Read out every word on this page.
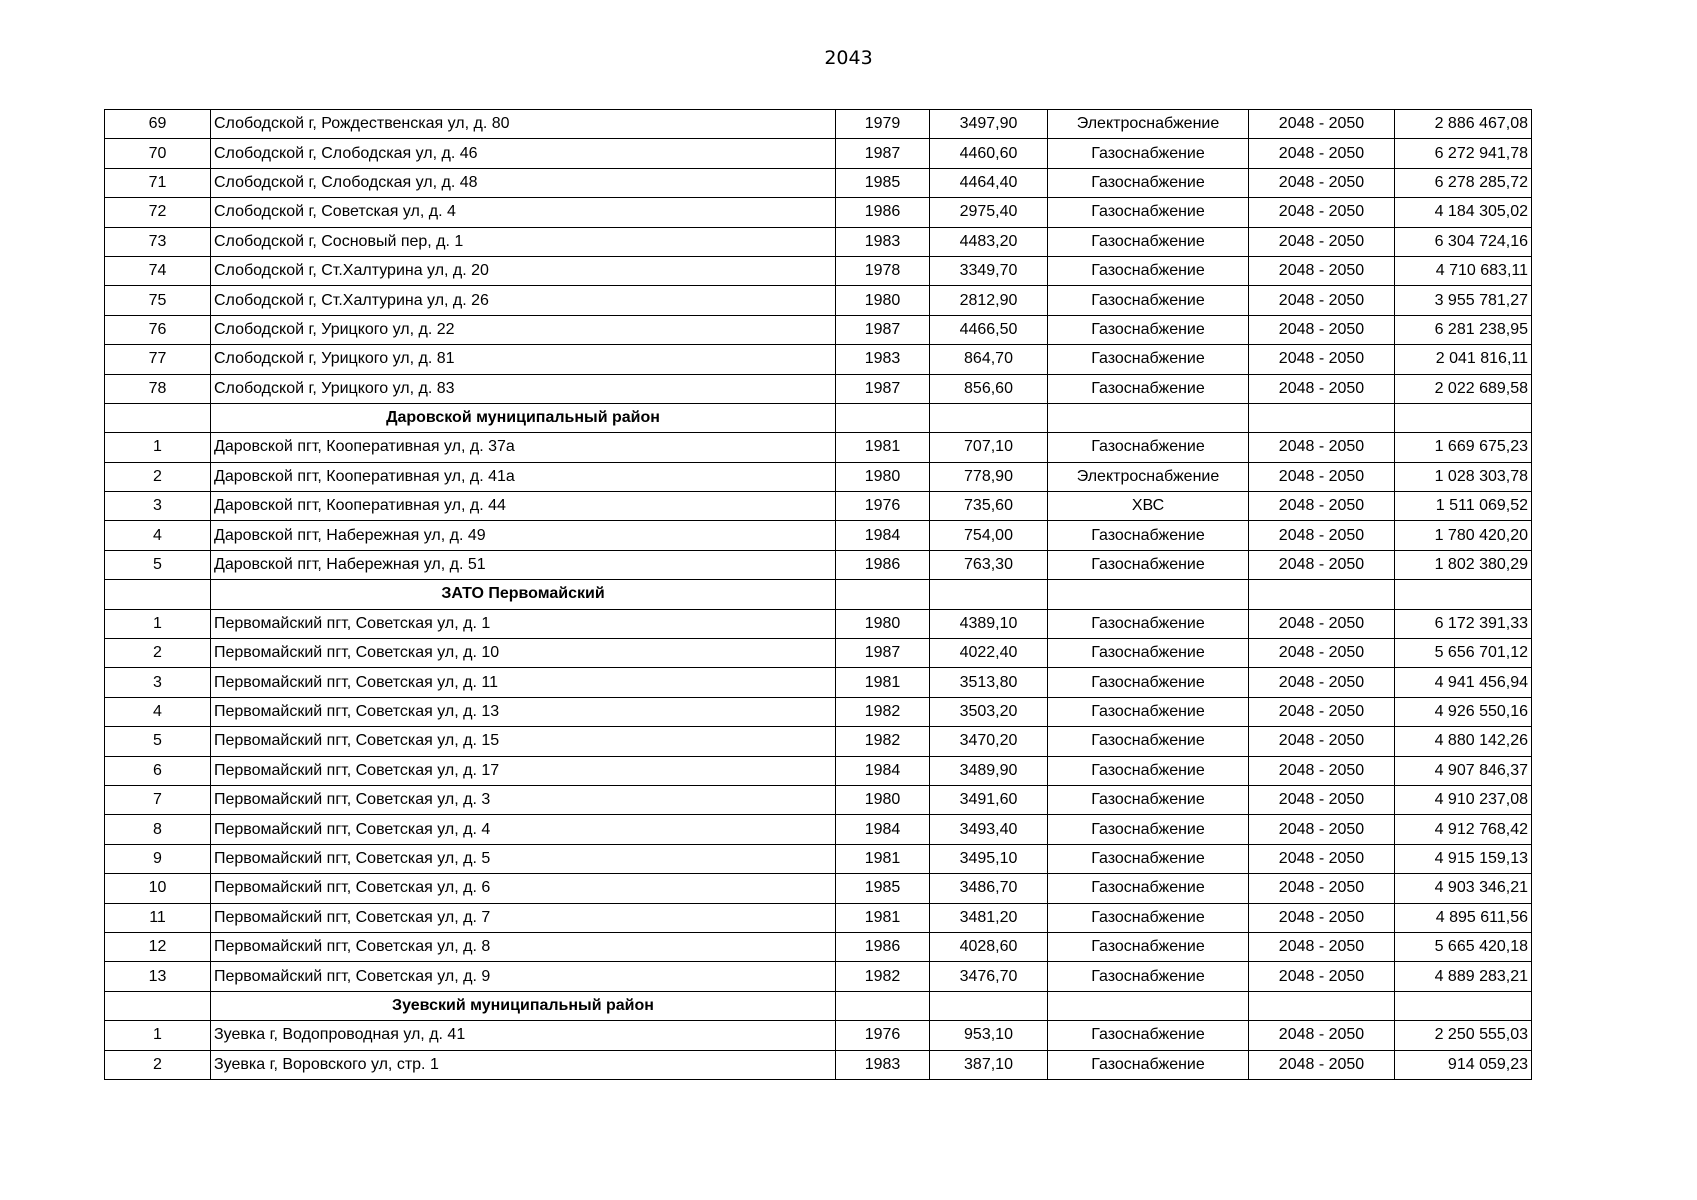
2043
69	Слободской г, Рождественская ул, д. 80	1979	3497,90	Электроснабжение	2048 - 2050	2 886 467,08
70	Слободской г, Слободская ул, д. 46	1987	4460,60	Газоснабжение	2048 - 2050	6 272 941,78
71	Слободской г, Слободская ул, д. 48	1985	4464,40	Газоснабжение	2048 - 2050	6 278 285,72
72	Слободской г, Советская ул, д. 4	1986	2975,40	Газоснабжение	2048 - 2050	4 184 305,02
73	Слободской г, Сосновый пер, д. 1	1983	4483,20	Газоснабжение	2048 - 2050	6 304 724,16
74	Слободской г, Ст.Халтурина ул, д. 20	1978	3349,70	Газоснабжение	2048 - 2050	4 710 683,11
75	Слободской г, Ст.Халтурина ул, д. 26	1980	2812,90	Газоснабжение	2048 - 2050	3 955 781,27
76	Слободской г, Урицкого ул, д. 22	1987	4466,50	Газоснабжение	2048 - 2050	6 281 238,95
77	Слободской г, Урицкого ул, д. 81	1983	864,70	Газоснабжение	2048 - 2050	2 041 816,11
78	Слободской г, Урицкого ул, д. 83	1987	856,60	Газоснабжение	2048 - 2050	2 022 689,58
	Даровской муниципальный район					
1	Даровской пгт, Кооперативная ул, д. 37а	1981	707,10	Газоснабжение	2048 - 2050	1 669 675,23
2	Даровской пгт, Кооперативная ул, д. 41а	1980	778,90	Электроснабжение	2048 - 2050	1 028 303,78
3	Даровской пгт, Кооперативная ул, д. 44	1976	735,60	ХВС	2048 - 2050	1 511 069,52
4	Даровской пгт, Набережная ул, д. 49	1984	754,00	Газоснабжение	2048 - 2050	1 780 420,20
5	Даровской пгт, Набережная ул, д. 51	1986	763,30	Газоснабжение	2048 - 2050	1 802 380,29
	ЗАТО Первомайский					
1	Первомайский пгт, Советская ул, д. 1	1980	4389,10	Газоснабжение	2048 - 2050	6 172 391,33
2	Первомайский пгт, Советская ул, д. 10	1987	4022,40	Газоснабжение	2048 - 2050	5 656 701,12
3	Первомайский пгт, Советская ул, д. 11	1981	3513,80	Газоснабжение	2048 - 2050	4 941 456,94
4	Первомайский пгт, Советская ул, д. 13	1982	3503,20	Газоснабжение	2048 - 2050	4 926 550,16
5	Первомайский пгт, Советская ул, д. 15	1982	3470,20	Газоснабжение	2048 - 2050	4 880 142,26
6	Первомайский пгт, Советская ул, д. 17	1984	3489,90	Газоснабжение	2048 - 2050	4 907 846,37
7	Первомайский пгт, Советская ул, д. 3	1980	3491,60	Газоснабжение	2048 - 2050	4 910 237,08
8	Первомайский пгт, Советская ул, д. 4	1984	3493,40	Газоснабжение	2048 - 2050	4 912 768,42
9	Первомайский пгт, Советская ул, д. 5	1981	3495,10	Газоснабжение	2048 - 2050	4 915 159,13
10	Первомайский пгт, Советская ул, д. 6	1985	3486,70	Газоснабжение	2048 - 2050	4 903 346,21
11	Первомайский пгт, Советская ул, д. 7	1981	3481,20	Газоснабжение	2048 - 2050	4 895 611,56
12	Первомайский пгт, Советская ул, д. 8	1986	4028,60	Газоснабжение	2048 - 2050	5 665 420,18
13	Первомайский пгт, Советская ул, д. 9	1982	3476,70	Газоснабжение	2048 - 2050	4 889 283,21
	Зуевский муниципальный район					
1	Зуевка г, Водопроводная ул, д. 41	1976	953,10	Газоснабжение	2048 - 2050	2 250 555,03
2	Зуевка г, Воровского ул, стр. 1	1983	387,10	Газоснабжение	2048 - 2050	914 059,23
